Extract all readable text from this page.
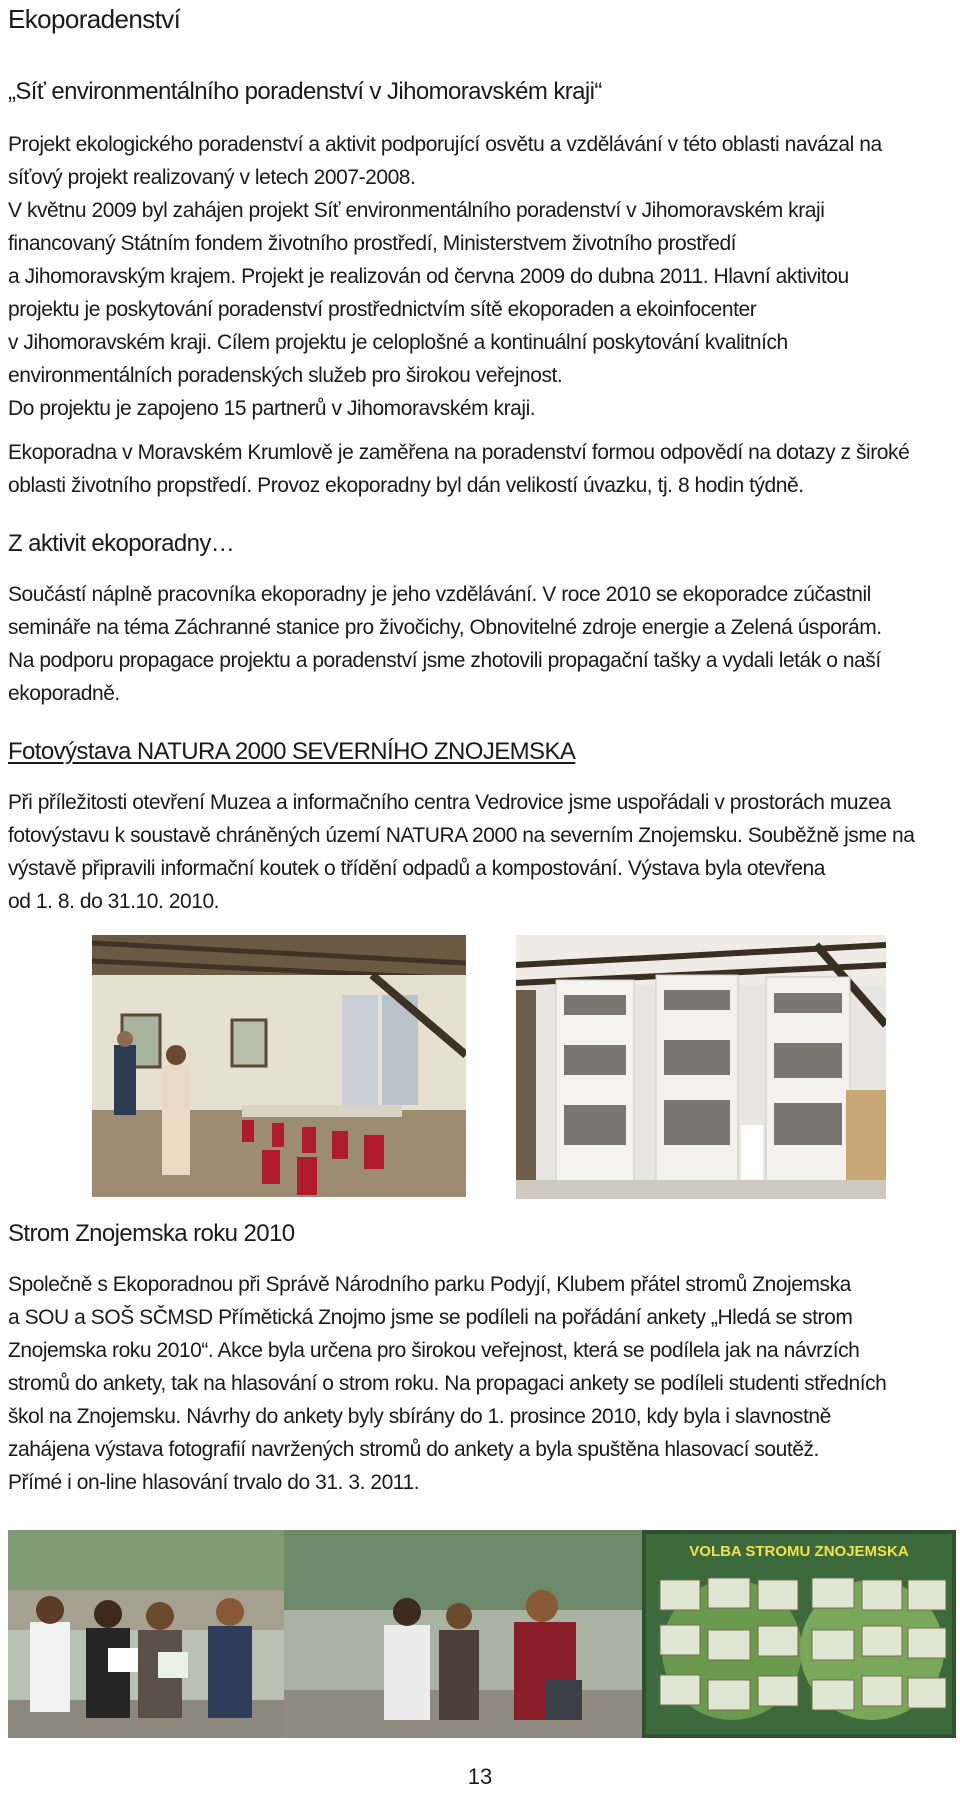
Ekoporadenství
„Síť environmentálního poradenství v Jihomoravském kraji“
Projekt ekologického poradenství a aktivit podporující osvětu a vzdělávání v této oblasti navázal na
síťový projekt realizovaný v letech 2007-2008.
V květnu 2009 byl zahájen projekt Síť environmentálního poradenství v Jihomoravském kraji
financovaný Státním fondem životního prostředí, Ministerstvem životního prostředí
a Jihomoravským krajem. Projekt je realizován od června 2009 do dubna 2011. Hlavní aktivitou
projektu je poskytování poradenství prostřednictvím sítě ekoporaden a ekoinfocenter
v Jihomoravském kraji. Cílem projektu je celoplošné a kontinuální poskytování kvalitních
environmentálních poradenských služeb pro širokou veřejnost.
Do projektu je zapojeno 15 partnerů v Jihomoravském kraji.
Ekoporadna v Moravském Krumlově je zaměřena na poradenství formou odpovědí na dotazy z široké
oblasti životního propstředí. Provoz ekoporadny byl dán velikostí úvazku, tj. 8 hodin týdně.
Z aktivit ekoporadny…
Součástí náplně pracovníka ekoporadny je jeho vzdělávání. V roce 2010 se ekoporadce zúčastnil
semináře na téma Záchranné stanice pro živočichy, Obnovitelné zdroje energie a Zelená úsporám.
Na podporu propagace projektu a poradenství jsme zhotovili propagační tašky a vydali leták o naší
ekoporadně.
Fotovýstava NATURA 2000 SEVERNÍHO ZNOJEMSKA
Při příležitosti otevření Muzea a informačního centra Vedrovice jsme uspořádali v prostorách muzea
fotovýstavu k soustavě chráněných území NATURA 2000 na severním Znojemsku. Souběžně jsme na
výstavě připravili informační koutek o třídění odpadů a kompostování. Výstava byla otevřena
od 1. 8. do 31.10. 2010.
Strom Znojemska roku 2010
Společně s Ekoporadnou při Správě Národního parku Podyjí, Klubem přátel stromů Znojemska
a SOU a SOŠ SČMSD Přímětická Znojmo jsme se podíleli na pořádání ankety „Hledá se strom
Znojemska roku 2010“. Akce byla určena pro širokou veřejnost, která se podílela jak na návrzích
stromů do ankety, tak na hlasování o strom roku. Na propagaci ankety se podíleli studenti středních
škol na Znojemsku. Návrhy do ankety byly sbírány do 1. prosince 2010, kdy byla i slavnostně
zahájena výstava fotografií navržených stromů do ankety a byla spuštěna hlasovací soutěž.
Přímé i on-line hlasování trvalo do 31. 3. 2011.
VOLBA STROMU ZNOJEMSKA
13
